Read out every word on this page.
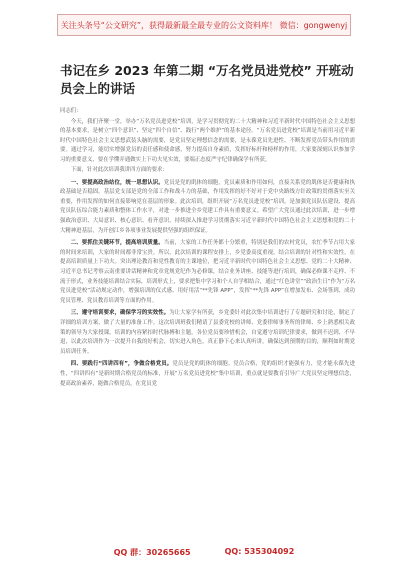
关注头条号“公文研究”，获得最新最全最专业的公文资料库！ 微信：gongwenyj
书记在乡 2023 年第二期 “万名党员进党校” 开班动员会上的讲话

同志们：

今天，我们齐聚一堂，举办“万名党员进党校”培训，是学习贯彻党的二十大精神和习近平新时代中国特色社会主义思想的基本要求，是树立“四个意识”、坚定“四个自信”、践行“两个维护”的基本途径。“万名党员进党校”培训是当前用习近平新时代中国特色社会主义思想武装头脑的需要，是党员坚定理想信念的需要，是永葆党员先进性、不断发挥党员带头作用的需要。通过学习，能切实增强党员的责任感和使命感，努力提高自身素质，发挥好标杆和榜样的作用，大家要深刻认识参加学习的重要意义，要在学懂弄通做实上下功夫见实效，要端正态度严守纪律确保学有所获。

下面，针对此次培训我讲四方面的要求：

一、要提高政治站位，统一思想认识。党员是党的肌体的细胞，党员素质和作用如何，直接关系党的肌体是否健康和执政基础是否稳固。基层党支部是党的全部工作和战斗力的基础，作用发挥的好不好对于党中央路线方针政策的贯彻落实至关重要，作用发挥的如何直接影响党在基层的形象。此次培训，组织开展“万名党员进党校”培训，是加强党员队伍建设、提高党员队伍综合能力素质和整体工作水平，对进一步推进全乡党建工作具有重要意义。希望广大党员通过此次培训，进一步增强政治意识、大局意识、核心意识、看齐意识，持续深入推进学习贯彻落实习近平新时代中国特色社会主义思想和党的二十大精神进基层，为开创江乡各项事业发展提供坚强的组织保证。

二、要抓住关键环节，提高培训质量。当前，大家的工作任务都十分繁重，特别是我们的农村党员，农忙季节占用大家的时间来培训，大家的时间都非常宝贵。所以，此次培训的课程安排上，乡党委高度重视，结合培训的针对性和实效性，在提高培训质量上下功夫。突出理论教育和党性教育的主课地位，把习近平新时代中国特色社会主义思想、党的二十大精神、习近平总书记考察云南重要讲话精神和党章党规党纪作为必修课，结合业务讲座、技能等进行培训，确保必修课不走样、不流于形式，业务技能培训结合实际，培训形式上，要求把集中学习和个人自学相结合，通过“红色讲堂”“政治生日”作为“万名党员进党校”活动规定动作，增强培训的仪式感、用好用活“**先锋 APP”，发挥“**先锋 APP”在增加发布、会场签到、成功党员管理、党员教育培训等方面的作用。

三、遵守培训要求，确保学习的实效性。为让大家学有所获，乡党委针对此次集中培训进行了专题研究和讨论，制定了详细的培训方案，做了大量的准备工作。这次培训班我们精请了县委党校的讲师、党委律师事务所的律师、乡上熟悉相关政策的领导为大家授课，培训的内容紧扣时代脉搏和主题，各位党员要珍惜机会，自觉遵守培训纪律要求，做到不迟到、不早退，以此次培训作为一次提升自我的好机会，切实进入角色，真正静下心来认真听讲，确保达到预期的目的，顺利如时期党员培训任务。

四、要践行“四讲四有”，争做合格党员。党员是党的肌体的细胞。党员合格，党的组织才能强有力，党才能永葆先进性，“四讲四有”是新时期合格党员的标准，开展“万名党员进党校”集中培训，重点就是要教育引导广大党员坚定理想信念，提高政治素养，能做合格党员，在党员党

QQ 群：30265665	QQ: 535304092
